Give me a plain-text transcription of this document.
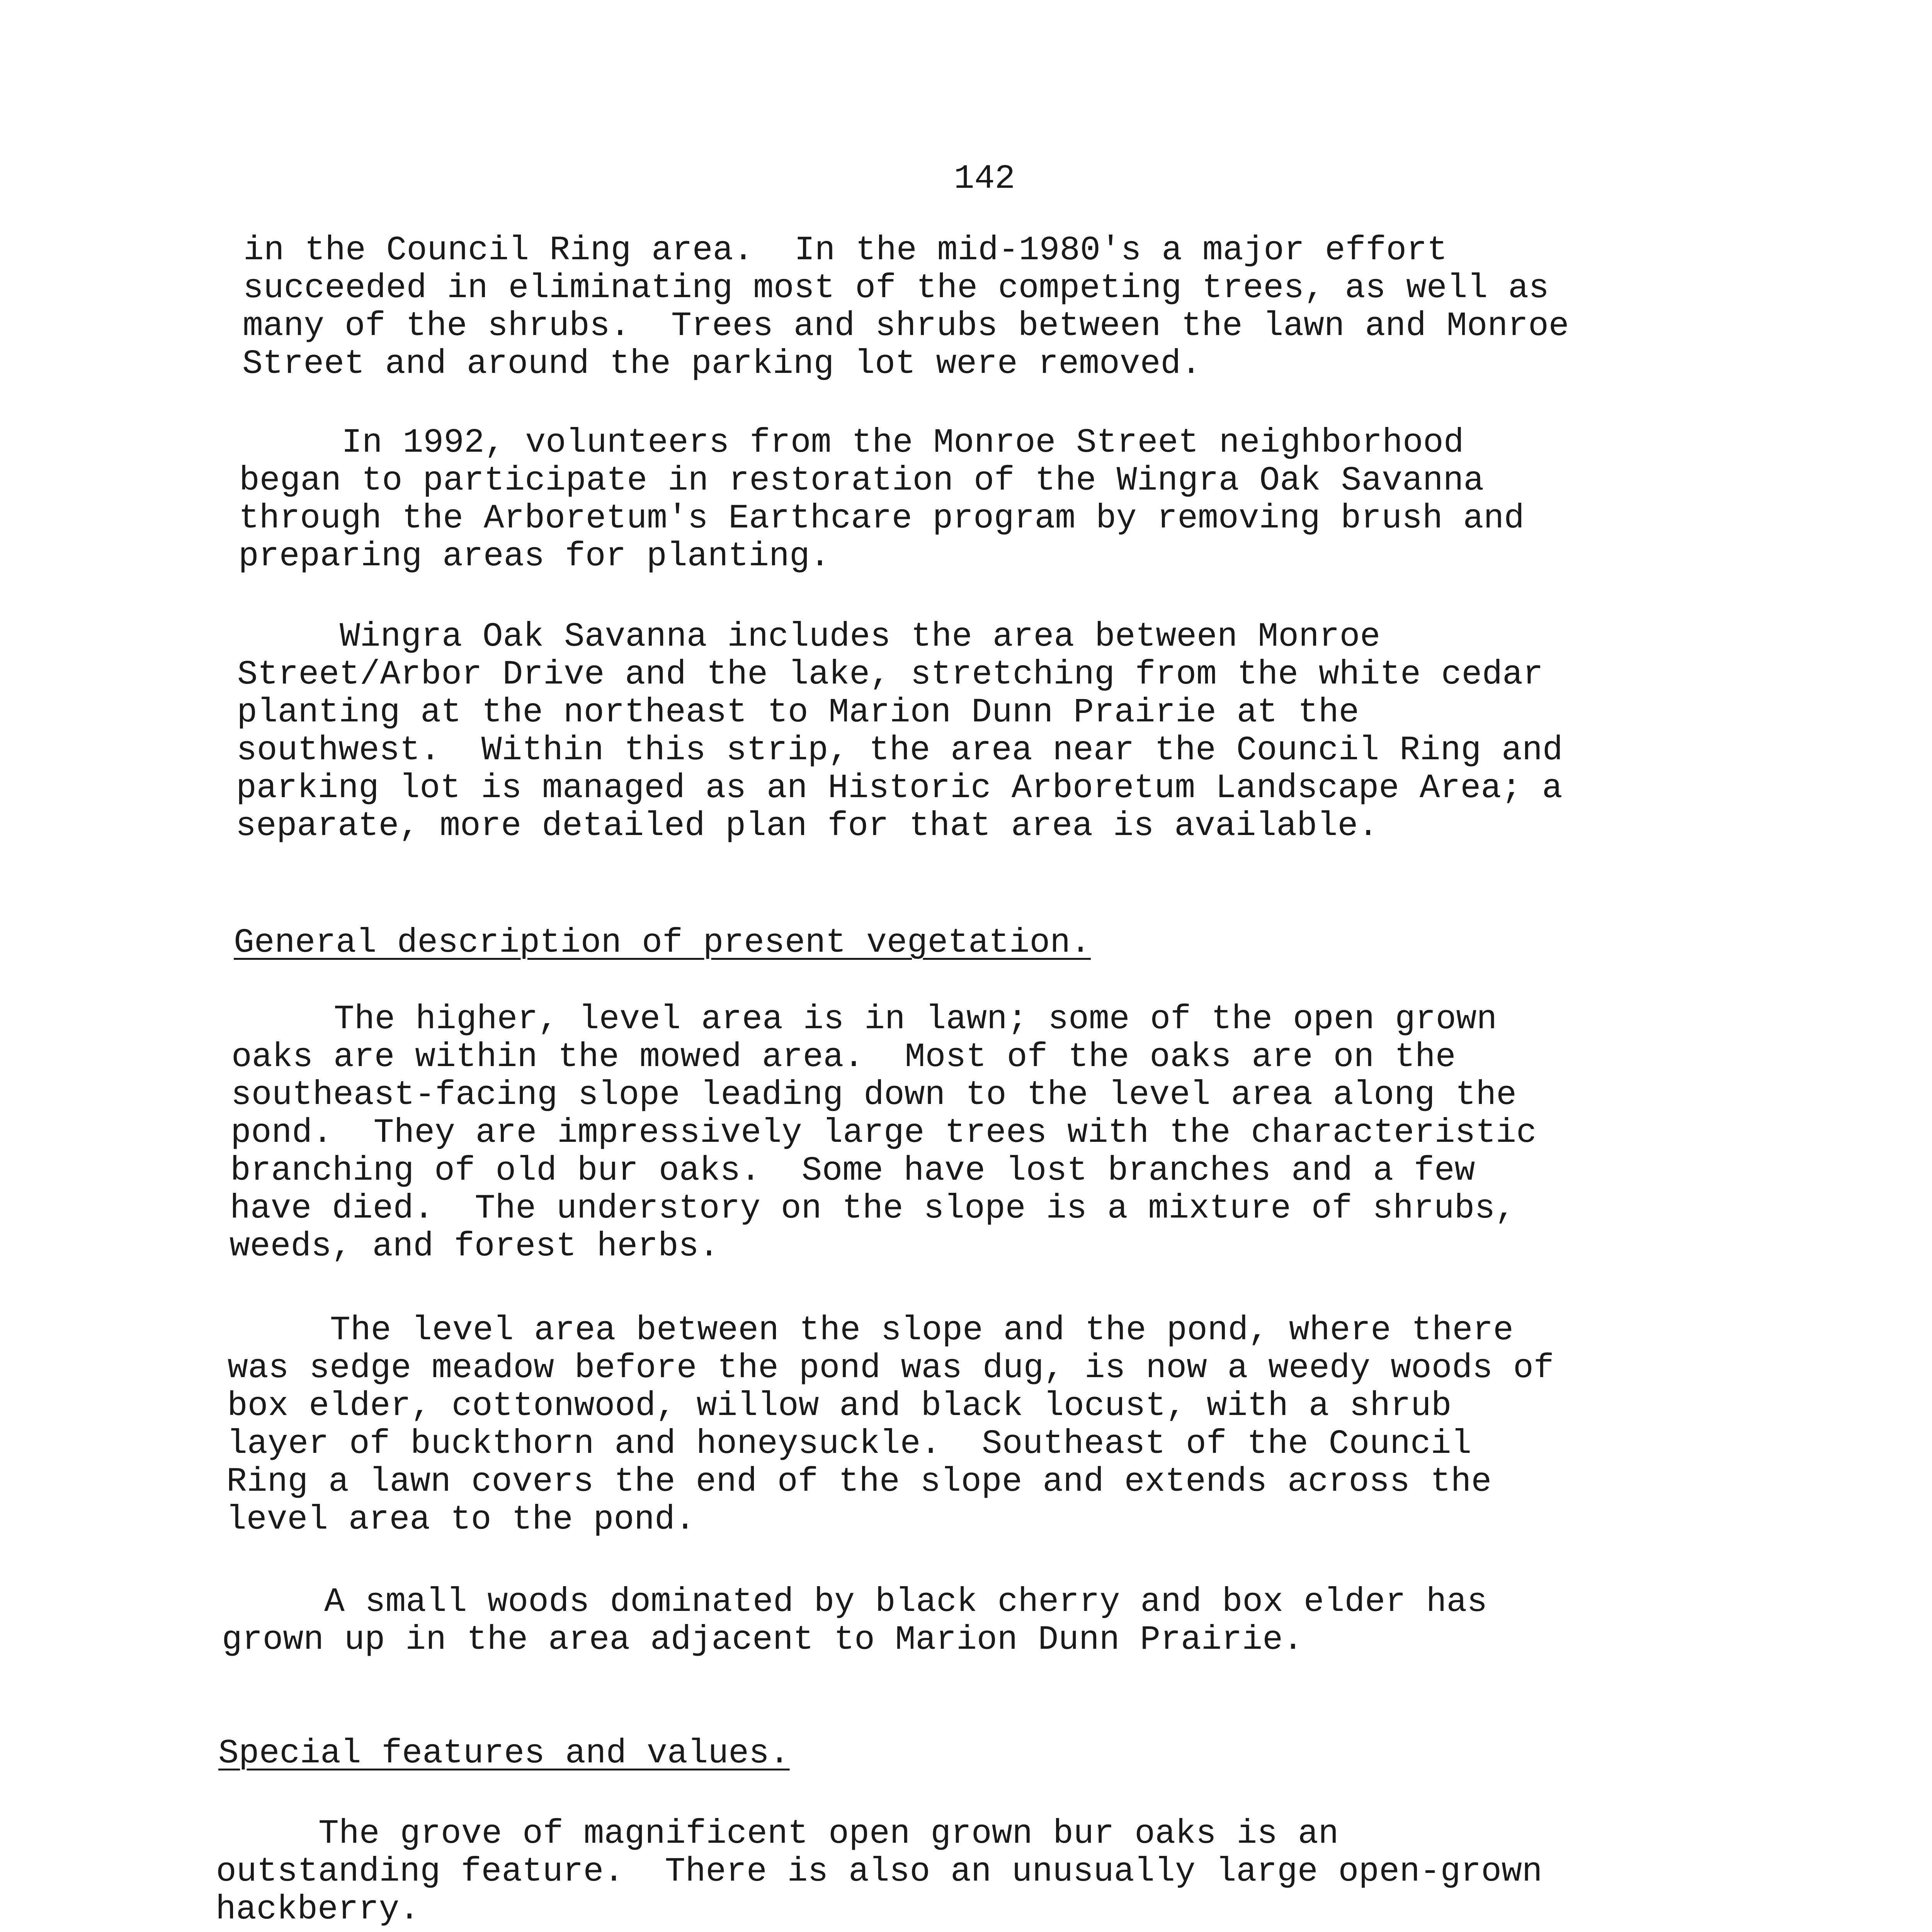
142
in the Council Ring area.  In the mid-1980's a major effort
succeeded in eliminating most of the competing trees, as well as
many of the shrubs.  Trees and shrubs between the lawn and Monroe
Street and around the parking lot were removed.
In 1992, volunteers from the Monroe Street neighborhood
began to participate in restoration of the Wingra Oak Savanna
through the Arboretum's Earthcare program by removing brush and
preparing areas for planting.
Wingra Oak Savanna includes the area between Monroe
Street/Arbor Drive and the lake, stretching from the white cedar
planting at the northeast to Marion Dunn Prairie at the
southwest.  Within this strip, the area near the Council Ring and
parking lot is managed as an Historic Arboretum Landscape Area; a
separate, more detailed plan for that area is available.
General description of present vegetation.
The higher, level area is in lawn; some of the open grown
oaks are within the mowed area.  Most of the oaks are on the
southeast-facing slope leading down to the level area along the
pond.  They are impressively large trees with the characteristic
branching of old bur oaks.  Some have lost branches and a few
have died.  The understory on the slope is a mixture of shrubs,
weeds, and forest herbs.
The level area between the slope and the pond, where there
was sedge meadow before the pond was dug, is now a weedy woods of
box elder, cottonwood, willow and black locust, with a shrub
layer of buckthorn and honeysuckle.  Southeast of the Council
Ring a lawn covers the end of the slope and extends across the
level area to the pond.
A small woods dominated by black cherry and box elder has
grown up in the area adjacent to Marion Dunn Prairie.
Special features and values.
The grove of magnificent open grown bur oaks is an
outstanding feature.  There is also an unusually large open-grown
hackberry.
